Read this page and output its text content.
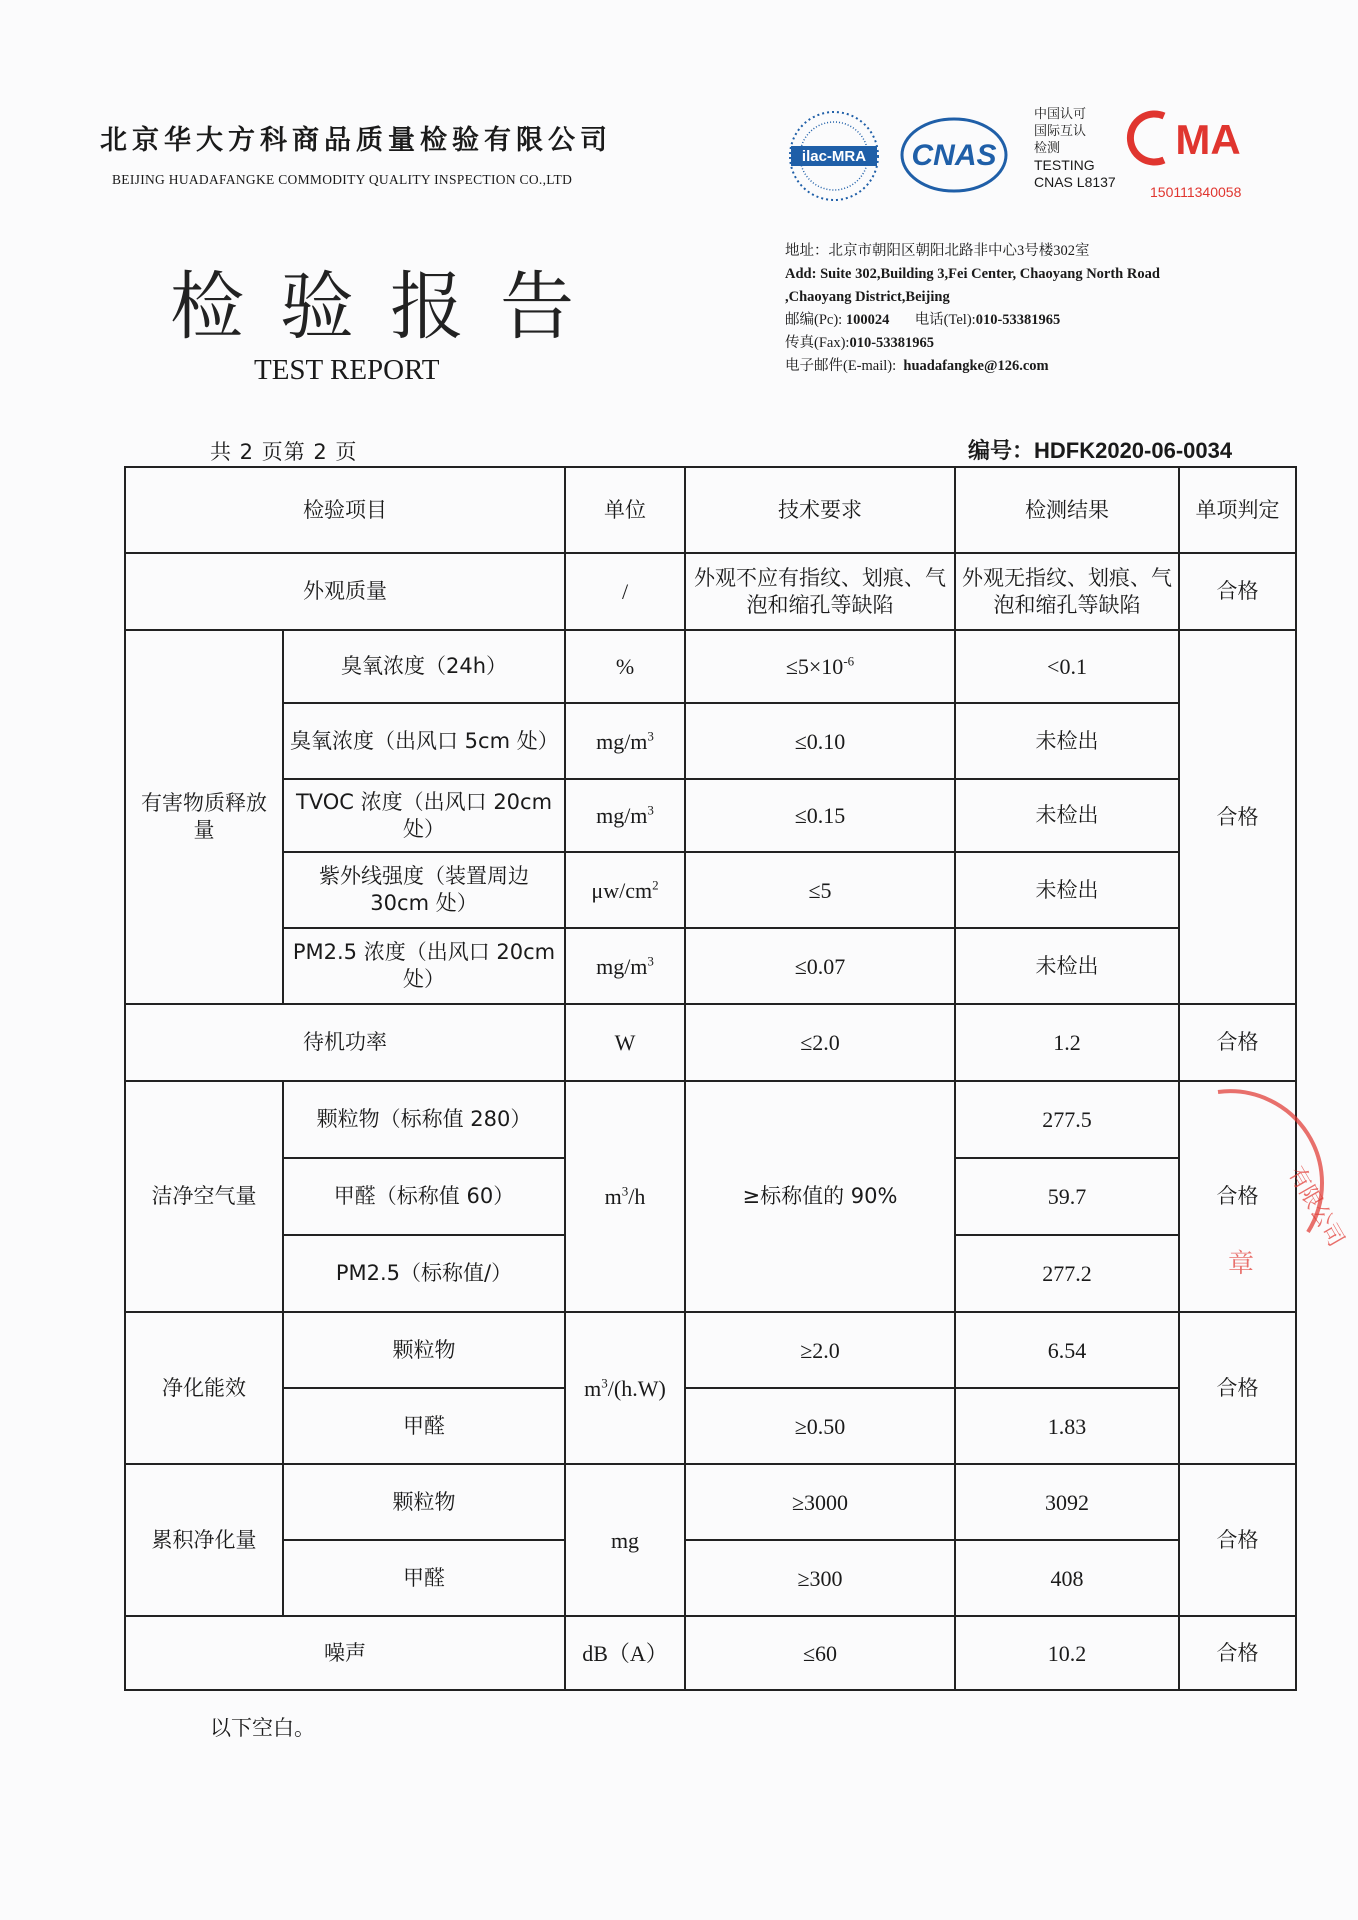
北京华大方科商品质量检验有限公司
BEIJING HUADAFANGKE COMMODITY QUALITY INSPECTION CO.,LTD
检验报告
TEST REPORT
ilac-MRA CNAS
中国认可
国际互认
检测
TESTING
CNAS L8137
MA
150111340058
地址：北京市朝阳区朝阳北路非中心3号楼302室
Add: Suite 302,Building 3,Fei Center, Chaoyang North Road ,Chaoyang District,Beijing
邮编(Pc): 100024 电话(Tel):010-53381965
传真(Fax):010-53381965
电子邮件(E-mail): huadafangke@126.com
共 2 页第 2 页	编号：HDFK2020-06-0034
检验项目		单位	技术要求	检测结果	单项判定
外观质量		/	外观不应有指纹、划痕、气泡和缩孔等缺陷	外观无指纹、划痕、气泡和缩孔等缺陷	合格
有害物质释放量	臭氧浓度（24h）	%	$\le 5\times 10^{-6}$	<0.1	合格
	臭氧浓度（出风口 5cm 处）	$mg/m^3$	≤0.10	未检出	
	TVOC 浓度（出风口 20cm 处）	$mg/m^3$	≤0.15	未检出	
	紫外线强度（装置周边 30cm 处）	$\mu w/cm^2$	≤5	未检出	
	PM2.5 浓度（出风口 20cm 处）	$mg/m^3$	≤0.07	未检出	
待机功率		W	≤2.0	1.2	合格
洁净空气量	颗粒物（标称值 280）	$m^3/h$	≥标称值的 90%	277.5	合格
	甲醛（标称值 60）			59.7	
	PM2.5（标称值/）			277.2	
净化能效	颗粒物	$m^3/(h.W)$	≥2.0	6.54	合格
	甲醛		≥0.50	1.83	
累积净化量	颗粒物	mg	≥3000	3092	合格
	甲醛		≥300	408	
噪声		dB（A）	≤60	10.2	合格
有限公司
章
以下空白。
